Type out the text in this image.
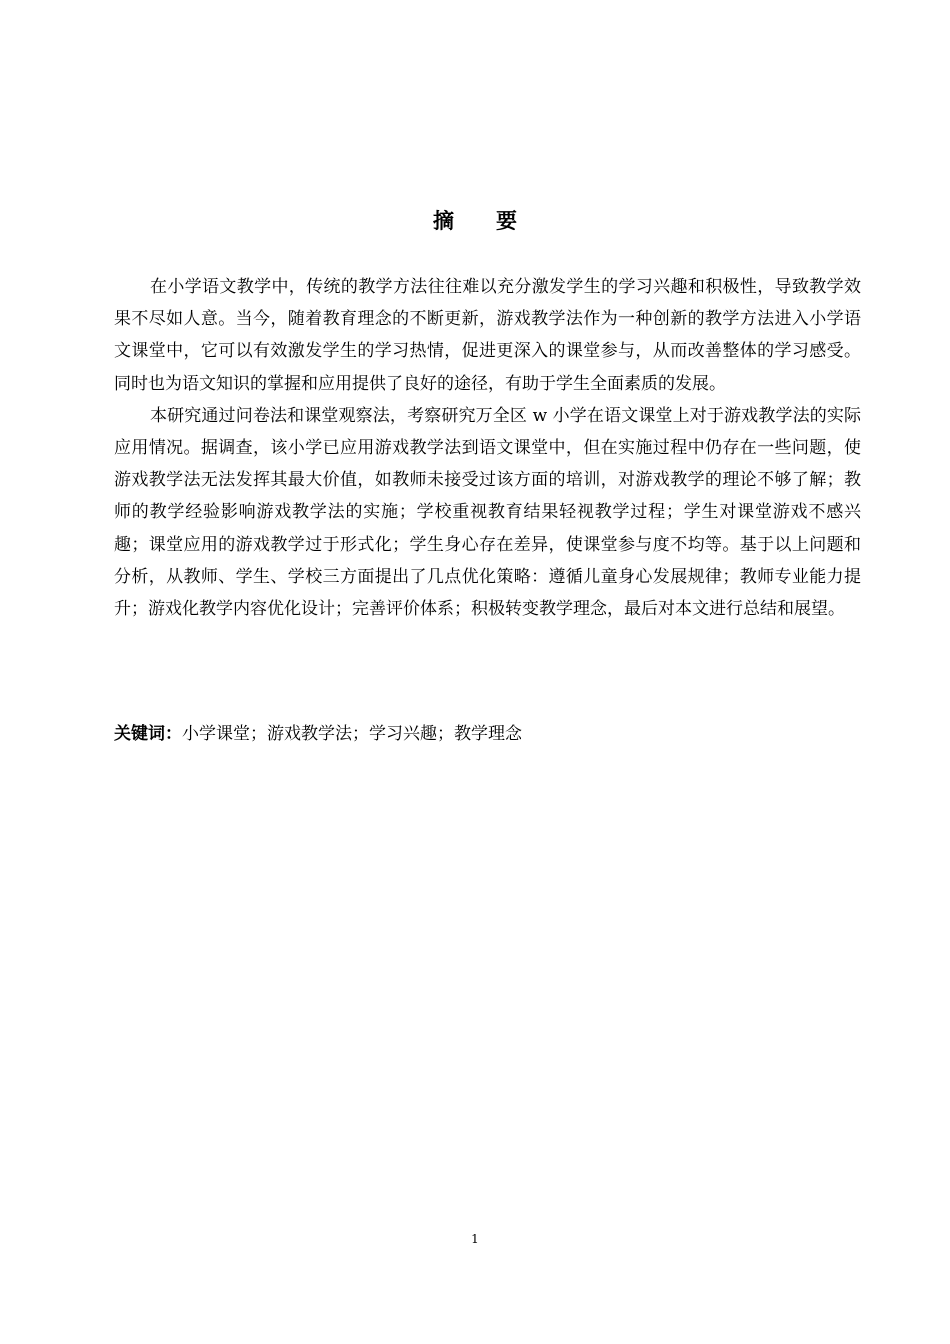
摘要

在小学语文教学中，传统的教学方法往往难以充分激发学生的学习兴趣和积极性，导致教学效果不尽如人意。当今，随着教育理念的不断更新，游戏教学法作为一种创新的教学方法进入小学语文课堂中，它可以有效激发学生的学习热情，促进更深入的课堂参与，从而改善整体的学习感受。同时也为语文知识的掌握和应用提供了良好的途径，有助于学生全面素质的发展。

本研究通过问卷法和课堂观察法，考察研究万全区 w 小学在语文课堂上对于游戏教学法的实际应用情况。据调查，该小学已应用游戏教学法到语文课堂中，但在实施过程中仍存在一些问题，使游戏教学法无法发挥其最大价值，如教师未接受过该方面的培训，对游戏教学的理论不够了解；教师的教学经验影响游戏教学法的实施；学校重视教育结果轻视教学过程；学生对课堂游戏不感兴趣；课堂应用的游戏教学过于形式化；学生身心存在差异，使课堂参与度不均等。基于以上问题和分析，从教师、学生、学校三方面提出了几点优化策略：遵循儿童身心发展规律；教师专业能力提升；游戏化教学内容优化设计；完善评价体系；积极转变教学理念，最后对本文进行总结和展望。

关键词：小学课堂；游戏教学法；学习兴趣；教学理念
1
